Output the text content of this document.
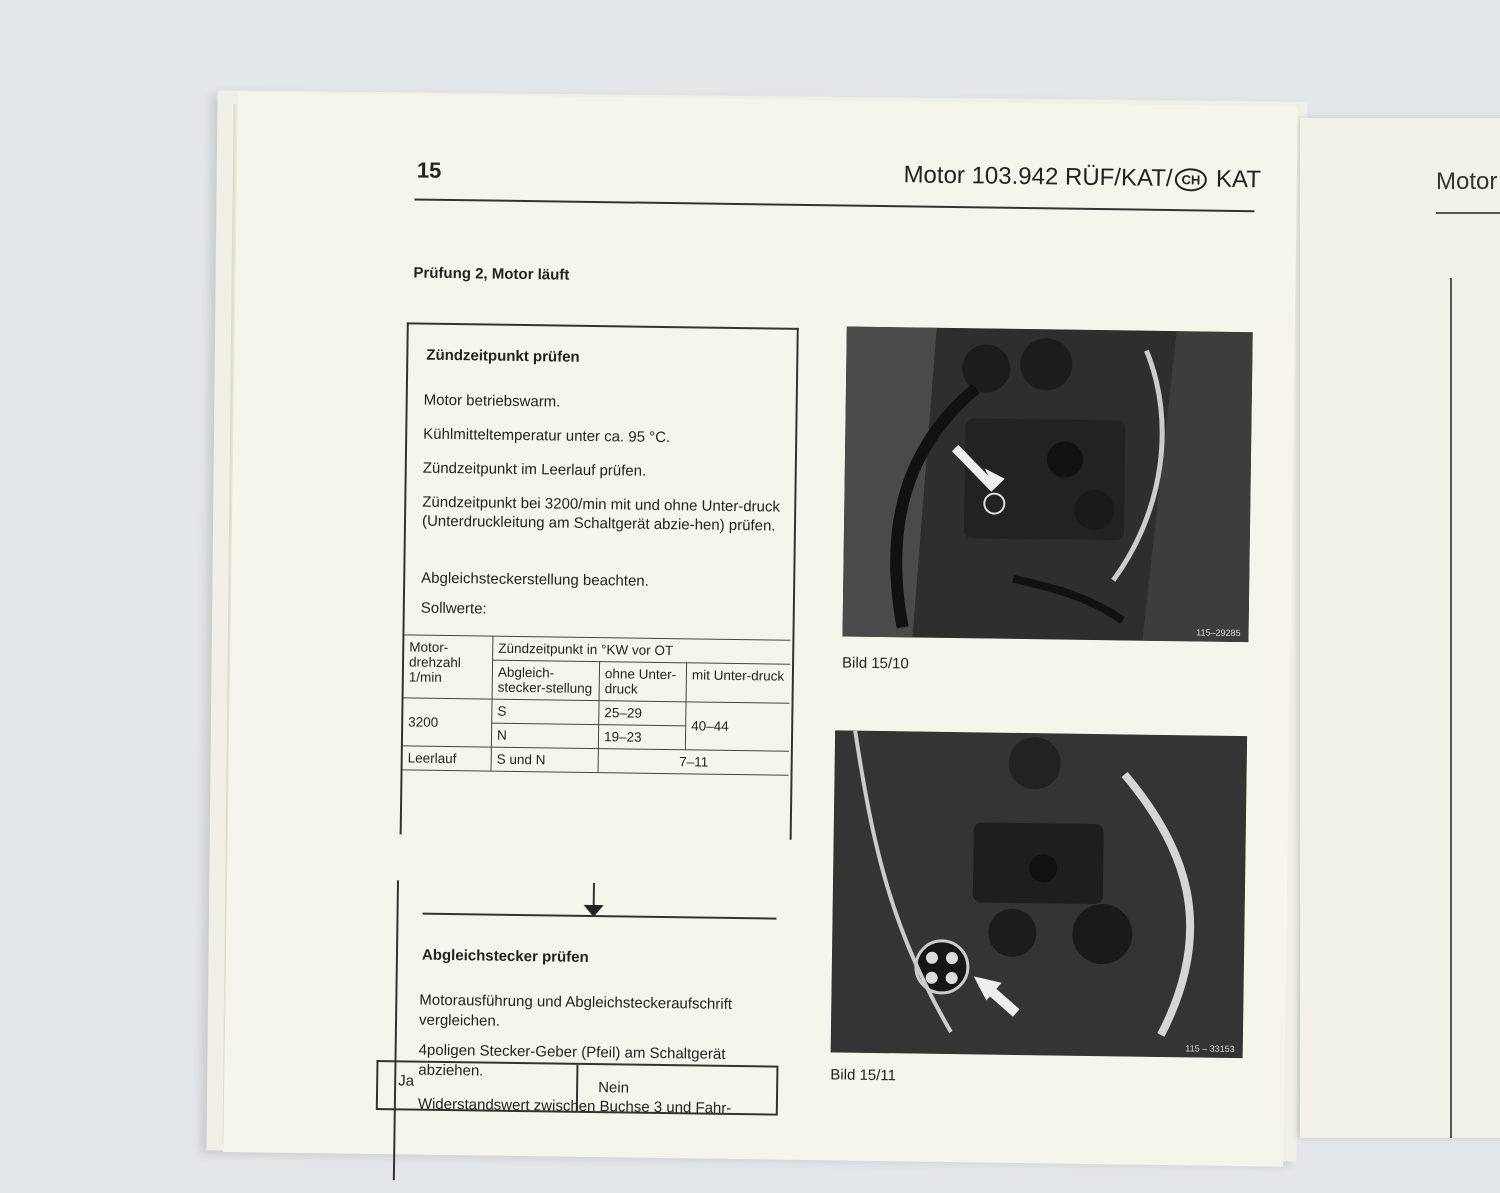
Motor
15	Motor 103.942 RÜF/KAT/ CH KAT
Prüfung 2, Motor läuft
Zündzeitpunkt prüfen
Motor betriebswarm.
Kühlmitteltemperatur unter ca. 95 °C.
Zündzeitpunkt im Leerlauf prüfen.
Zündzeitpunkt bei 3200/min mit und ohne Unter-druck (Unterdruckleitung am Schaltgerät abzie-hen) prüfen.
Abgleichsteckerstellung beachten.
Sollwerte:
Motor-drehzahl 1/min	Zündzeitpunkt in °KW vor OT		
	Abgleich-stecker-stellung	ohne Unter-druck	mit Unter-druck
3200	S	25–29	40–44
	N	19–23	
Leerlauf	S und N	7–11	
Ja	Nein
Abgleichstecker prüfen
Motorausführung und Abgleichsteckeraufschrift vergleichen.
4poligen Stecker-Geber (Pfeil) am Schaltgerät abziehen.
Widerstandswert zwischen Buchse 3 und Fahr-
115–29285
Bild 15/10
115 – 33153
Bild 15/11
